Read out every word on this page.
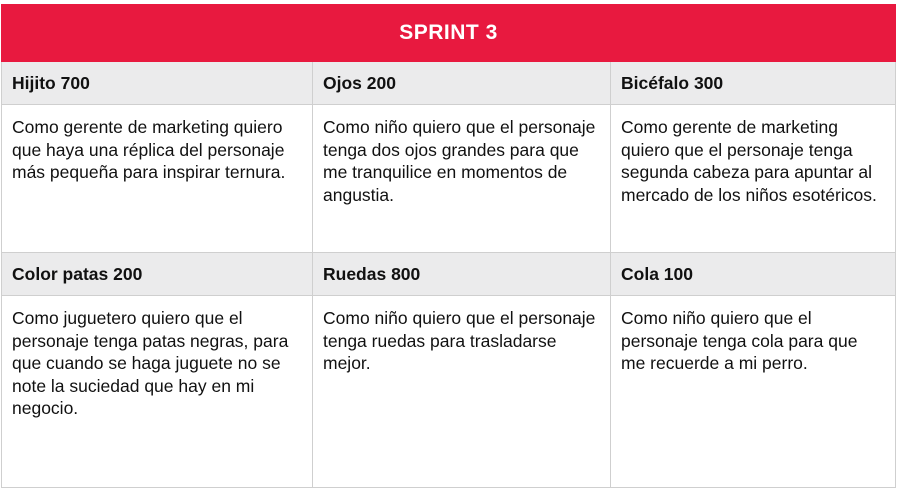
SPRINT 3		
Hijito 700	Ojos 200	Bicéfalo 300
Como gerente de marketing quiero que haya una réplica del personaje más pequeña para inspirar ternura.	Como niño quiero que el personaje tenga dos ojos grandes para que me tranquilice en momentos de angustia.	Como gerente de marketing quiero que el personaje tenga segunda cabeza para apuntar al mercado de los niños esotéricos.
Color patas 200	Ruedas 800	Cola 100
Como juguetero quiero que el personaje tenga patas negras, para que cuando se haga juguete no se note la suciedad que hay en mi negocio.	Como niño quiero que el personaje tenga ruedas para trasladarse mejor.	Como niño quiero que el personaje tenga cola para que me recuerde a mi perro.
